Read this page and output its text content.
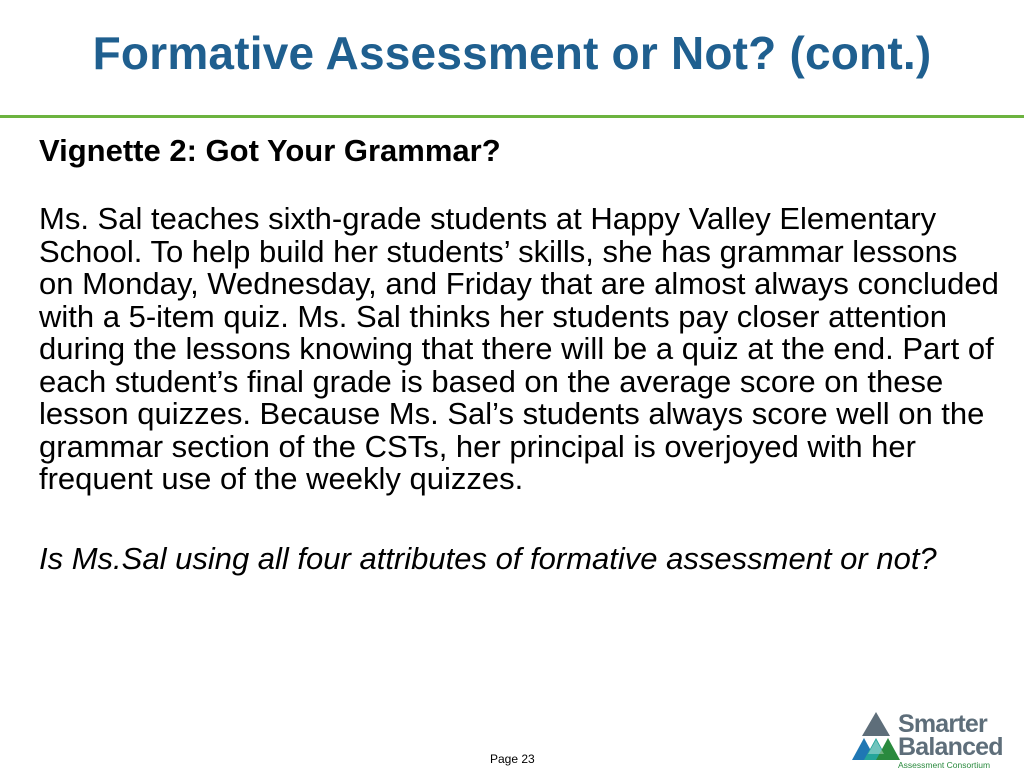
Formative Assessment or Not? (cont.)

Vignette 2: Got Your Grammar?

Ms. Sal teaches sixth-grade students at Happy Valley Elementary School. To help build her students’ skills, she has grammar lessons on Monday, Wednesday, and Friday that are almost always concluded with a 5-item quiz. Ms. Sal thinks her students pay closer attention during the lessons knowing that there will be a quiz at the end. Part of each student’s final grade is based on the average score on these lesson quizzes. Because Ms. Sal’s students always score well on the grammar section of the CSTs, her principal is overjoyed with her frequent use of the weekly quizzes.

Is Ms.Sal using all four attributes of formative assessment or not?

Page 23
Smarter
Balanced
Assessment Consortium
